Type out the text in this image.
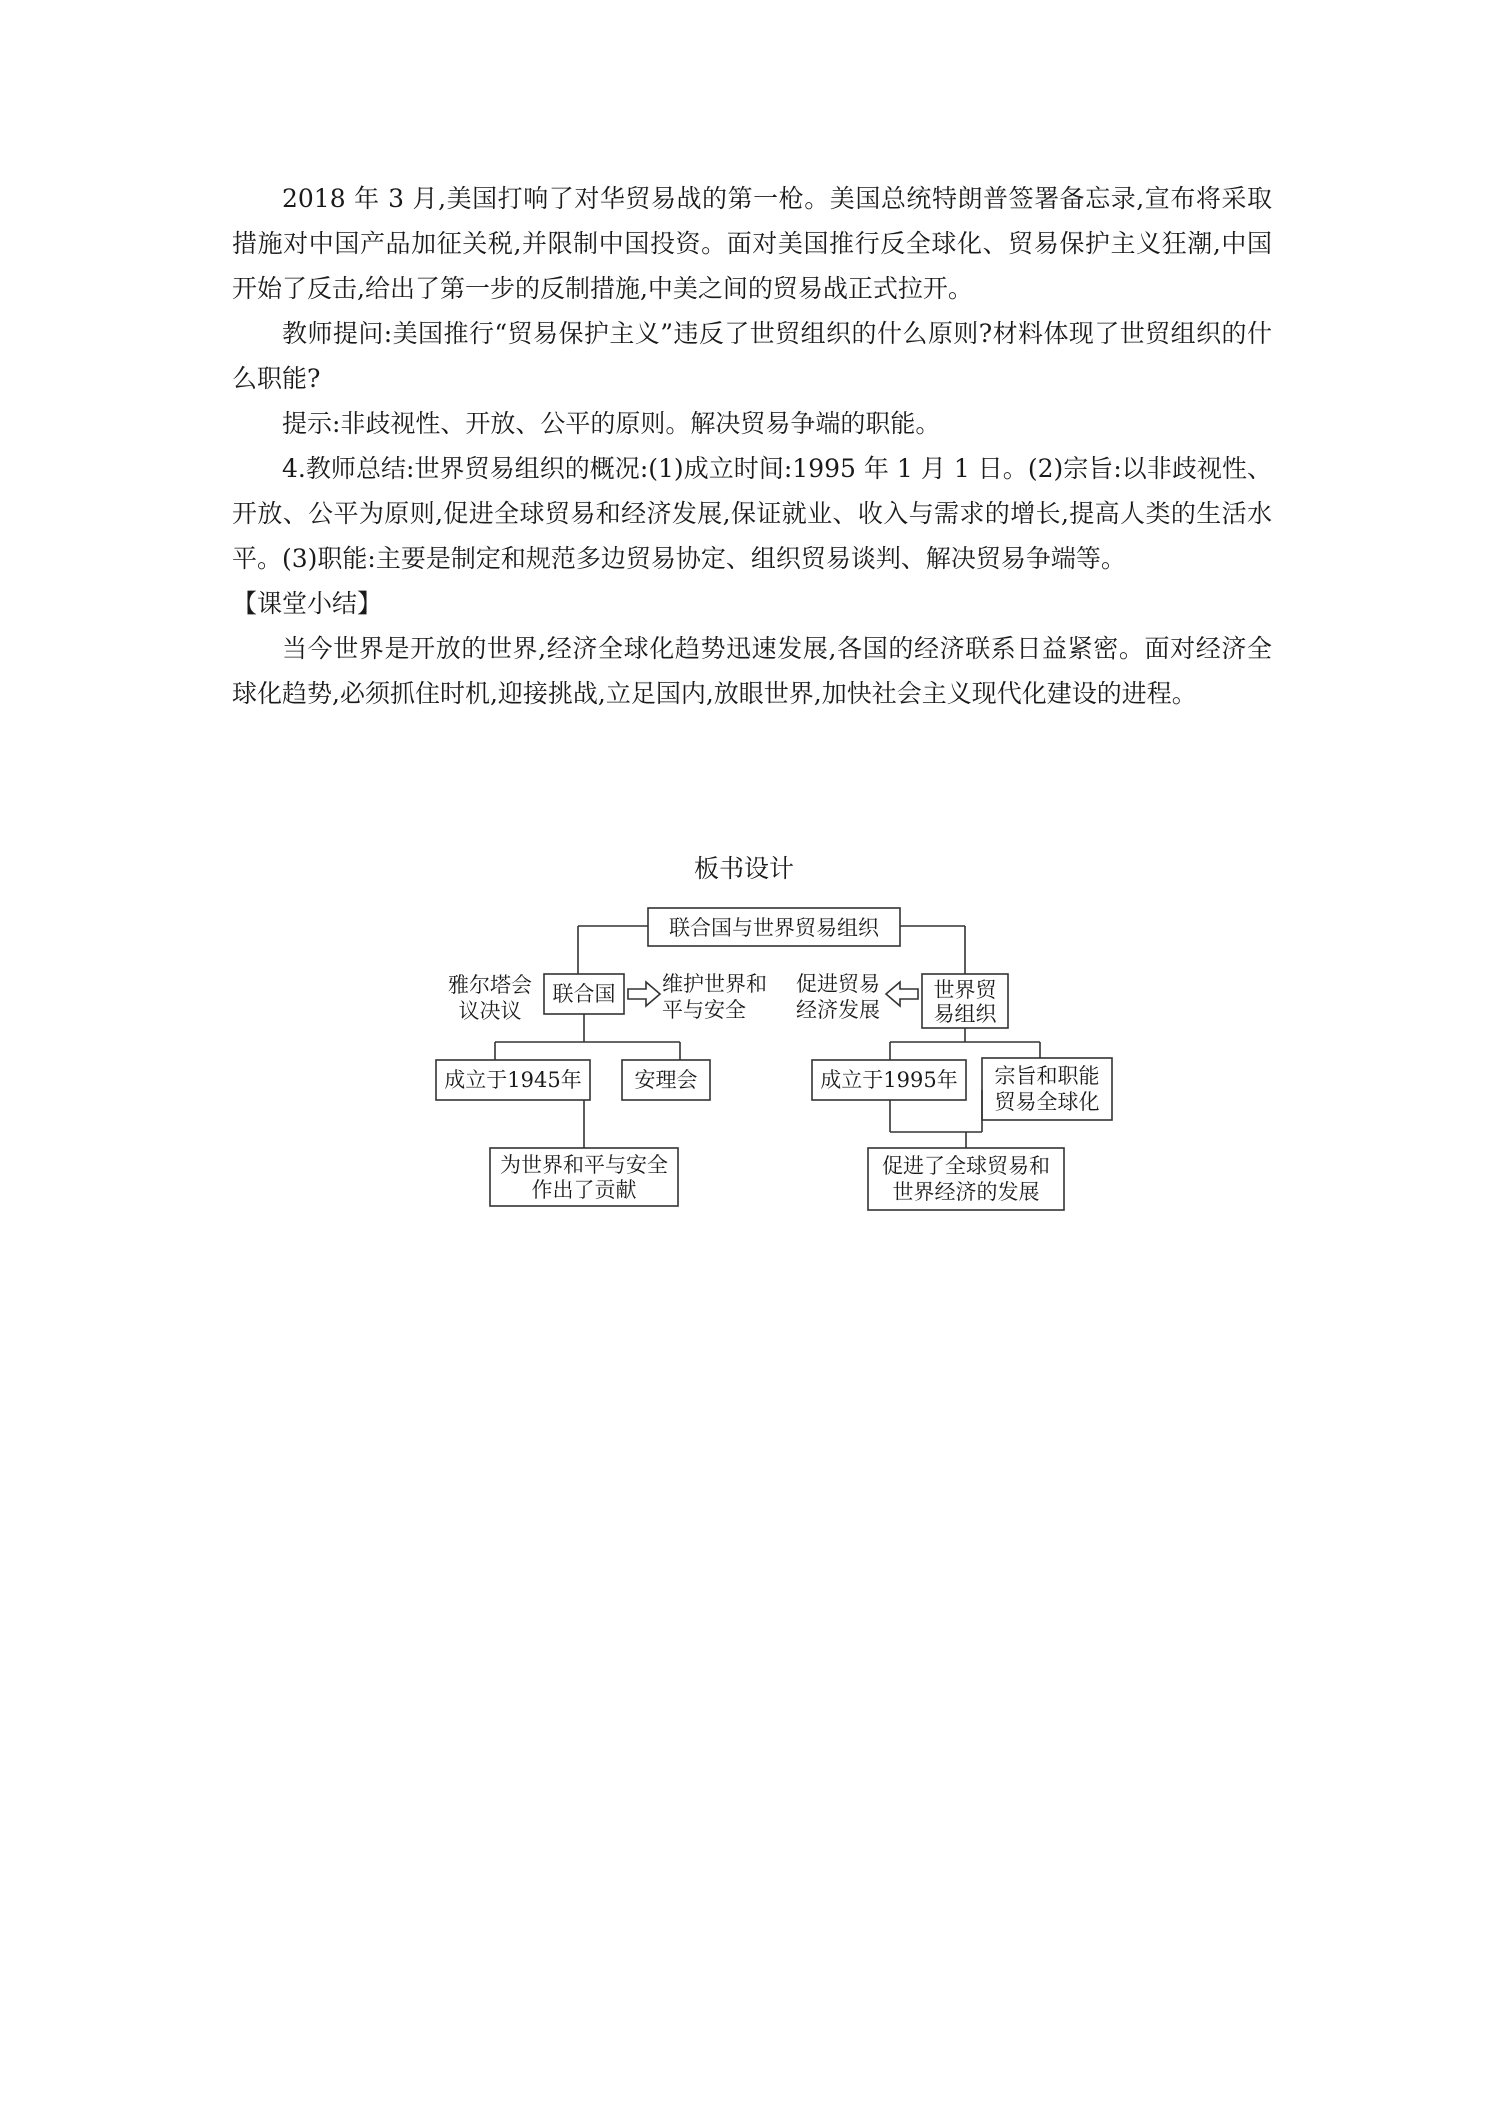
2018 年 3 月,美国打响了对华贸易战的第一枪。美国总统特朗普签署备忘录,宣布将采取措施对中国产品加征关税,并限制中国投资。面对美国推行反全球化、贸易保护主义狂潮,中国开始了反击,给出了第一步的反制措施,中美之间的贸易战正式拉开。

教师提问:美国推行“贸易保护主义”违反了世贸组织的什么原则?材料体现了世贸组织的什么职能?

提示:非歧视性、开放、公平的原则。解决贸易争端的职能。

4.教师总结:世界贸易组织的概况:(1)成立时间:1995 年 1 月 1 日。(2)宗旨:以非歧视性、开放、公平为原则,促进全球贸易和经济发展,保证就业、收入与需求的增长,提高人类的生活水平。(3)职能:主要是制定和规范多边贸易协定、组织贸易谈判、解决贸易争端等。

【课堂小结】

当今世界是开放的世界,经济全球化趋势迅速发展,各国的经济联系日益紧密。面对经济全球化趋势,必须抓住时机,迎接挑战,立足国内,放眼世界,加快社会主义现代化建设的进程。

板书设计
联合国与世界贸易组织
雅尔塔会
议决议
联合国 维护世界和
平与安全
促进贸易
经济发展
世界贸
易组织
成立于1945年	安理会
为世界和平与安全
作出了贡献
成立于1995年 宗旨和职能
贸易全球化
促进了全球贸易和
世界经济的发展
